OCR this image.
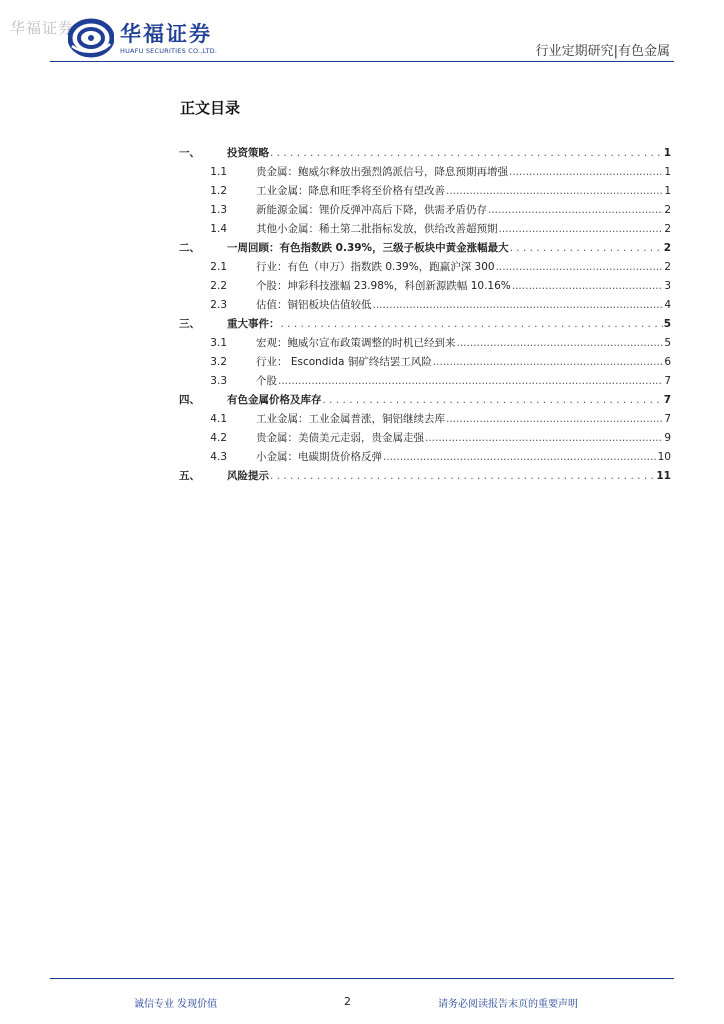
华福证券 华福证券
HUAFU SECURITIES CO.,LTD.	行业定期研究|有色金属
正文目录
一、	投资策略 . . .	1
1.1	贵金属：鲍威尔释放出强烈鸽派信号，降息预期再增强 .....	1
1.2	工业金属：降息和旺季将至价格有望改善 .....	1
1.3	新能源金属：锂价反弹冲高后下降，供需矛盾仍存 .....	2
1.4	其他小金属：稀土第二批指标发放，供给改善超预期 .....	2
二、	一周回顾：有色指数跌 0.39%，三级子板块中黄金涨幅最大 . . .	2
2.1	行业：有色（申万）指数跌 0.39%，跑赢沪深 300 .....	2
2.2	个股：坤彩科技涨幅 23.98%，科创新源跌幅 10.16% .....	3
2.3	估值：铜铝板块估值较低 .....	4
三、	重大事件： . . .	5
3.1	宏观：鲍威尔宣布政策调整的时机已经到来 .....	5
3.2	行业： Escondida 铜矿终结罢工风险 .....	6
3.3	个股 .....	7
四、	有色金属价格及库存 . . .	7
4.1	工业金属：工业金属普涨，铜铝继续去库 .....	7
4.2	贵金属：美债美元走弱，贵金属走强 .....	9
4.3	小金属：电碳期货价格反弹 .....	10
五、	风险提示 . . .	11
诚信专业 发现价值	2	请务必阅读报告末页的重要声明
